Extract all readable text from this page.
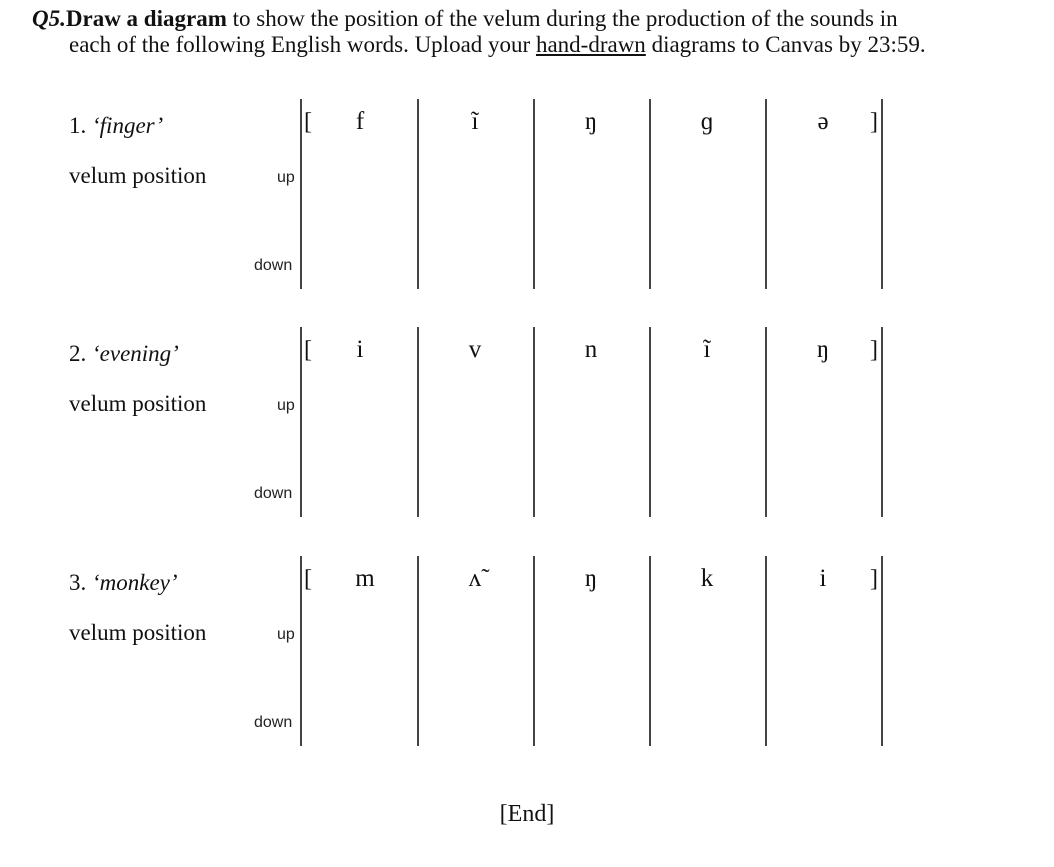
Q5.Draw a diagram to show the position of the velum during the production of the sounds in
each of the following English words. Upload your hand-drawn diagrams to Canvas by 23:59.
1. ‘finger’
velum position	up
down
[	]
f	ĩ	ŋ	ɡ	ə
2. ‘evening’
velum position	up
down
[	]
i	v	n	ĩ	ŋ
3. ‘monkey’
velum position	up
down
[	]
m	ʌ̃	ŋ	k	i
[End]
